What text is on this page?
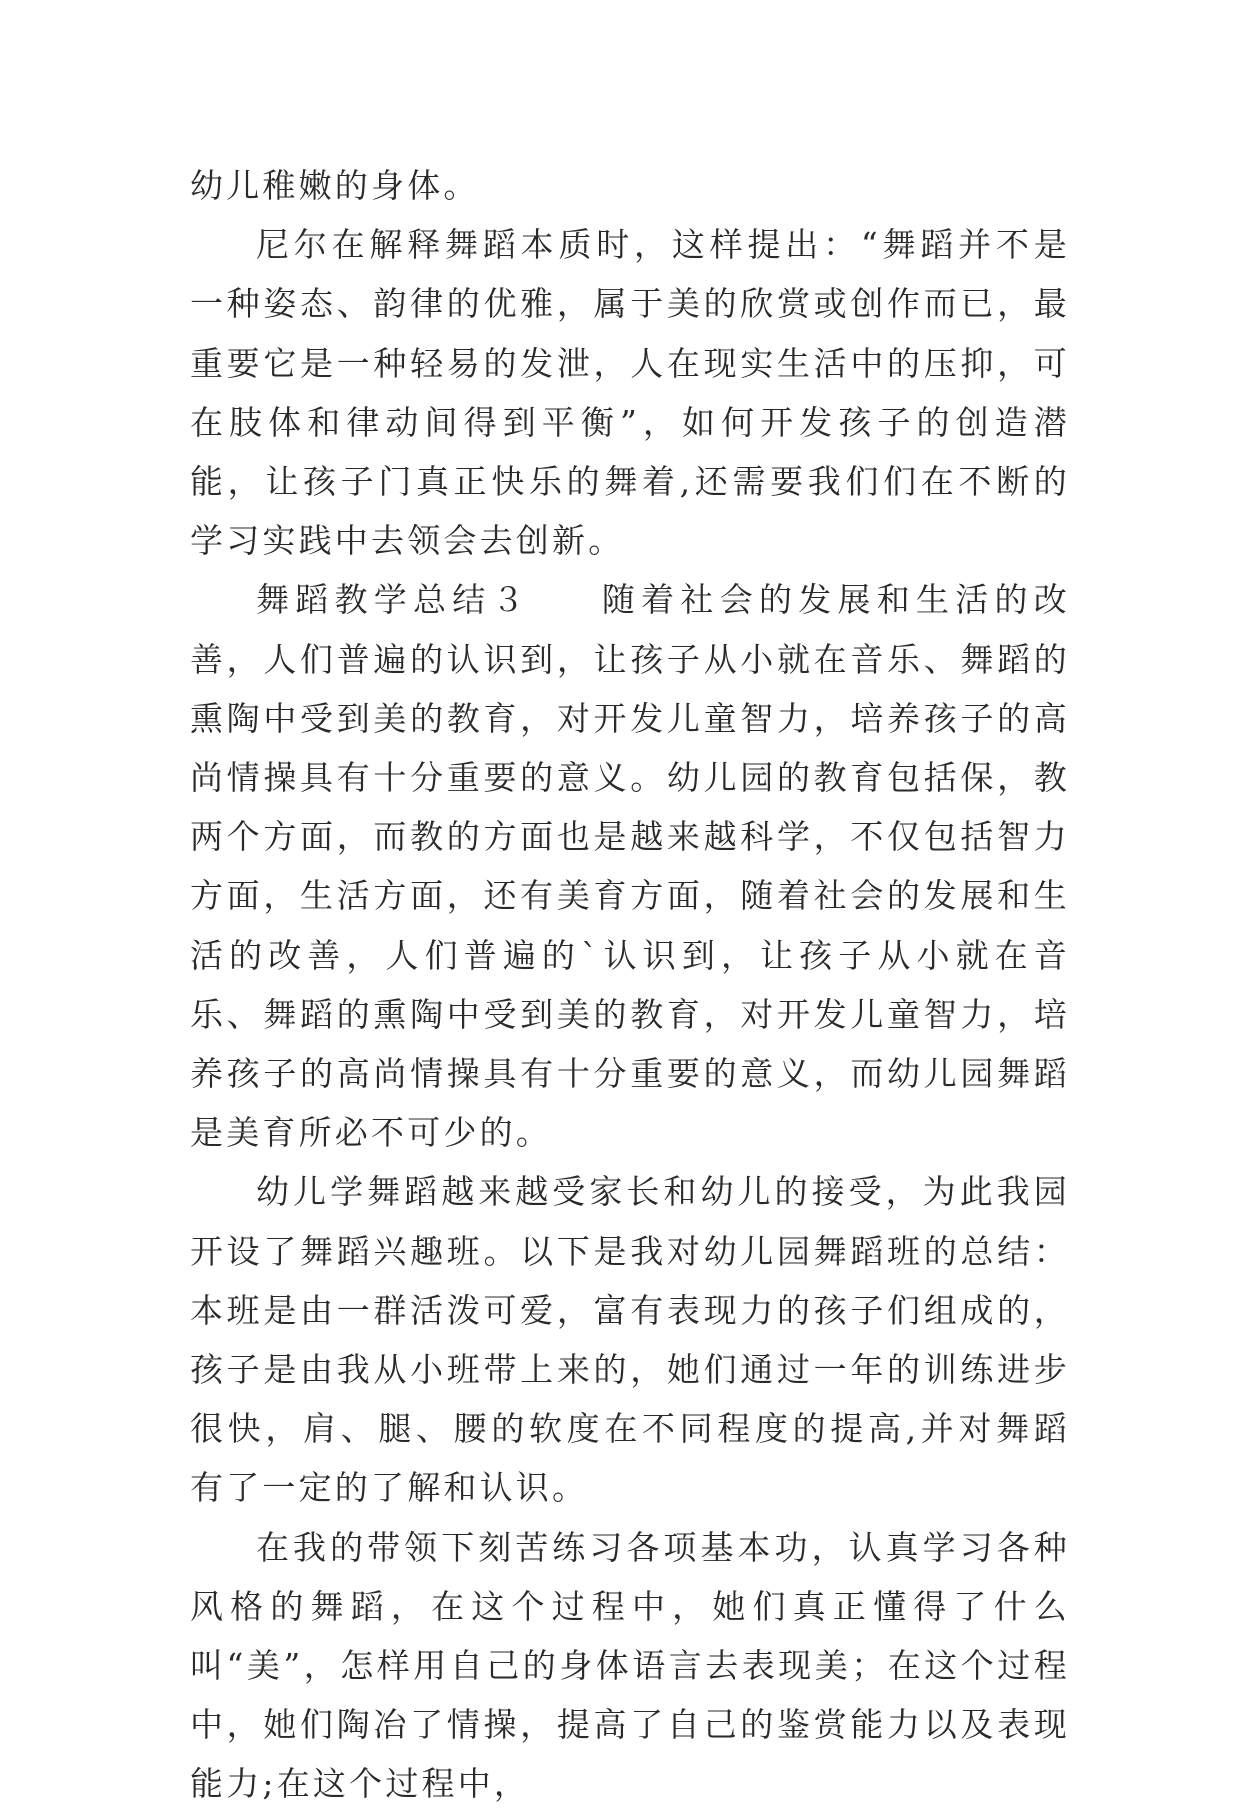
幼儿稚嫩的身体。

尼尔在解释舞蹈本质时，这样提出：“舞蹈并不是一种姿态、韵律的优雅，属于美的欣赏或创作而已，最重要它是一种轻易的发泄，人在现实生活中的压抑，可在肢体和律动间得到平衡”，如何开发孩子的创造潜能，让孩子门真正快乐的舞着,还需要我们们在不断的学习实践中去领会去创新。

舞蹈教学总结３ 随着社会的发展和生活的改善，人们普遍的认识到，让孩子从小就在音乐、舞蹈的熏陶中受到美的教育，对开发儿童智力，培养孩子的高尚情操具有十分重要的意义。幼儿园的教育包括保，教两个方面，而教的方面也是越来越科学，不仅包括智力方面，生活方面，还有美育方面，随着社会的发展和生活的改善，人们普遍的`认识到，让孩子从小就在音乐、舞蹈的熏陶中受到美的教育，对开发儿童智力，培养孩子的高尚情操具有十分重要的意义，而幼儿园舞蹈是美育所必不可少的。

幼儿学舞蹈越来越受家长和幼儿的接受，为此我园开设了舞蹈兴趣班。以下是我对幼儿园舞蹈班的总结：本班是由一群活泼可爱，富有表现力的孩子们组成的，孩子是由我从小班带上来的，她们通过一年的训练进步很快，肩、腿、腰的软度在不同程度的提高,并对舞蹈有了一定的了解和认识。

在我的带领下刻苦练习各项基本功，认真学习各种风格的舞蹈，在这个过程中，她们真正懂得了什么叫“美”，怎样用自己的身体语言去表现美；在这个过程中，她们陶冶了情操，提高了自己的鉴赏能力以及表现能力;在这个过程中，
